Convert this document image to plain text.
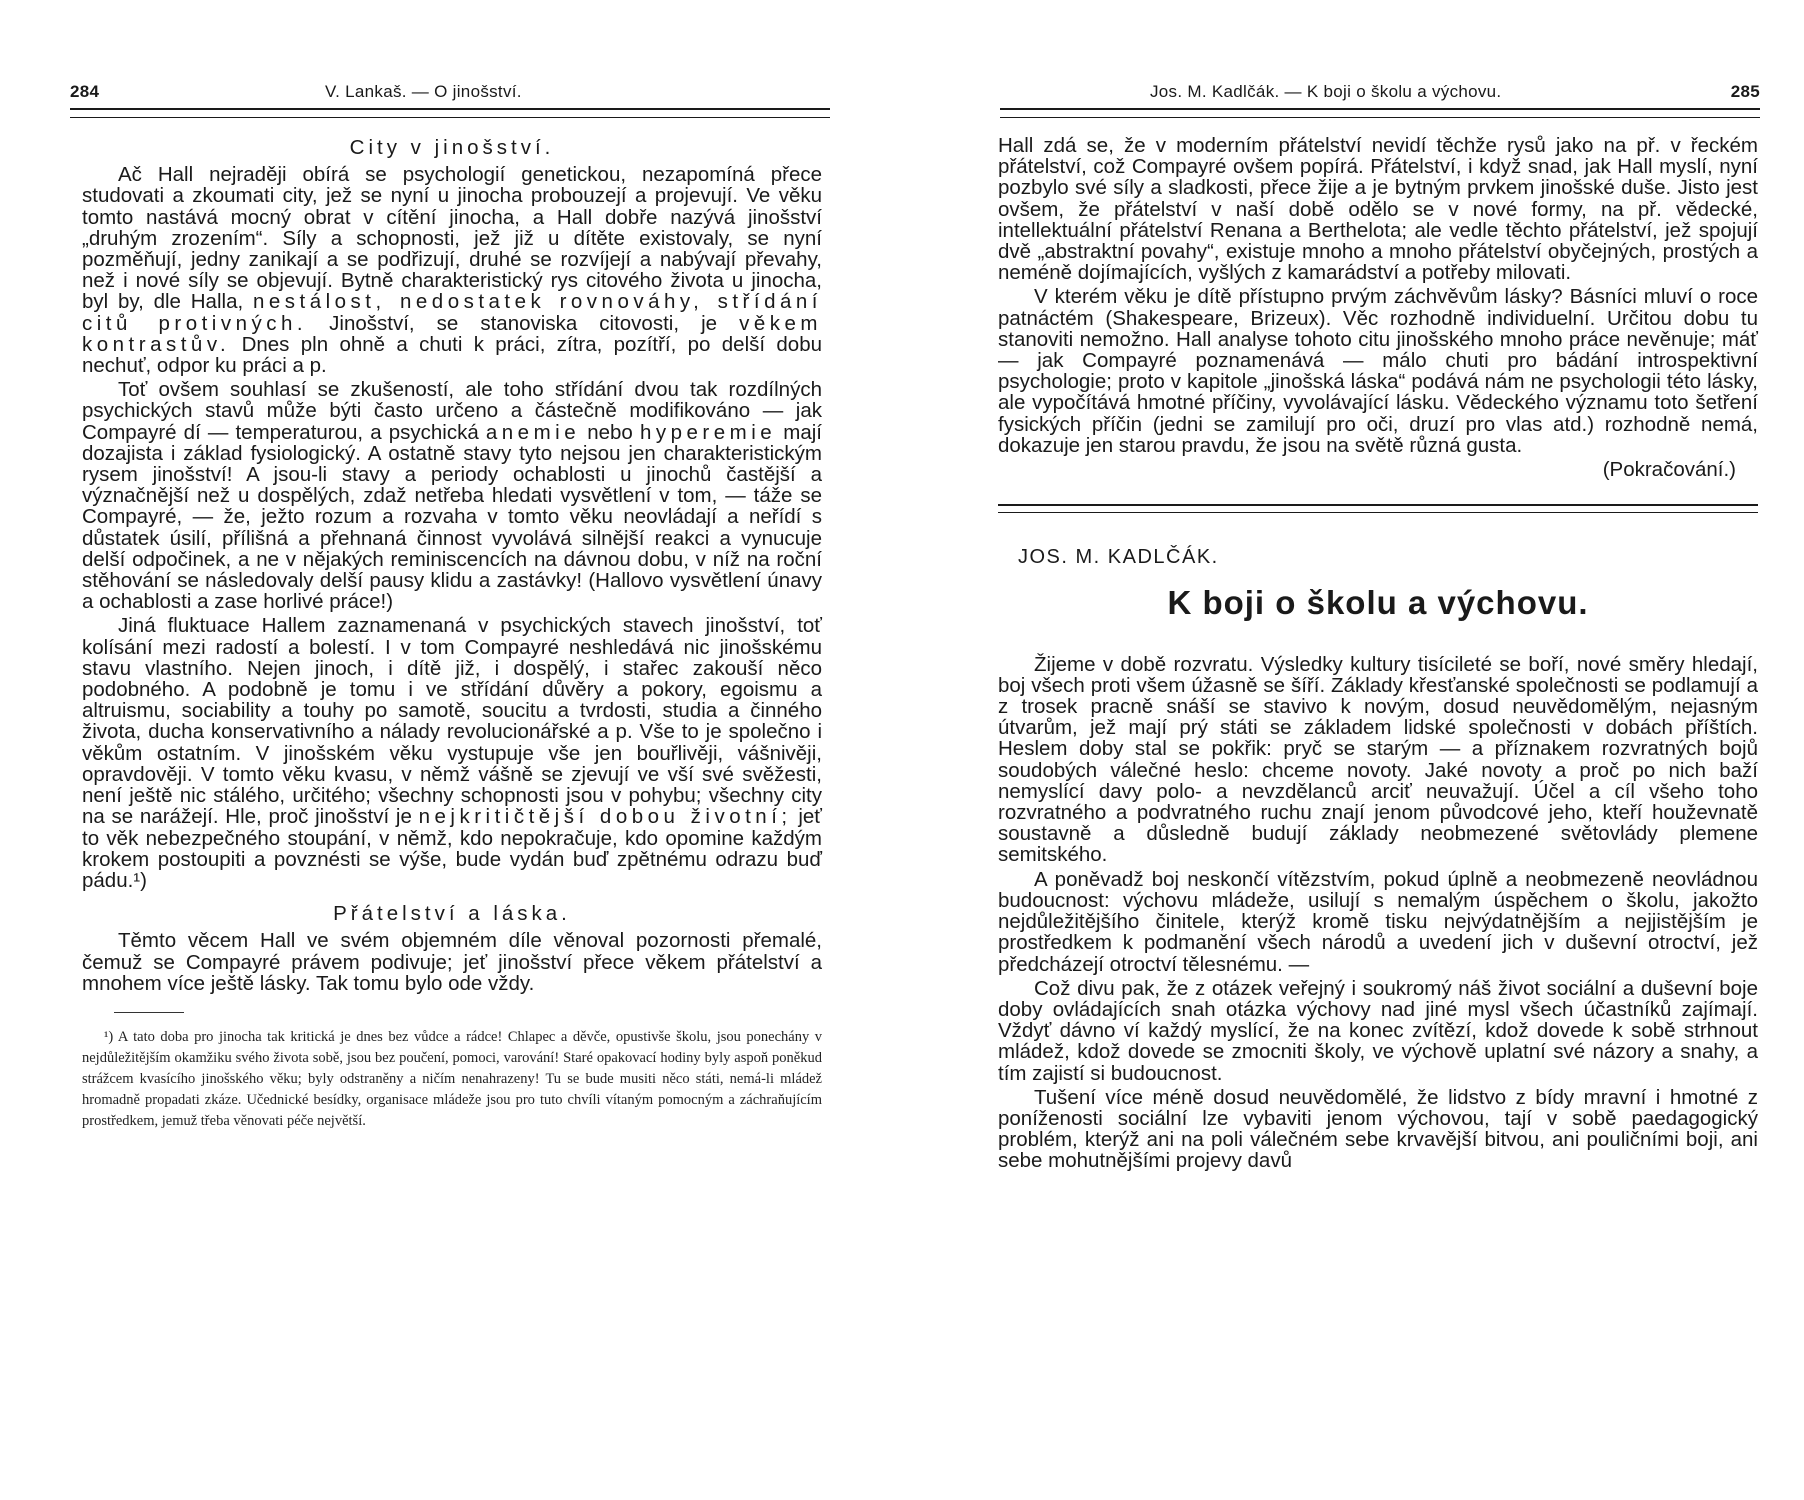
284	V. Lankaš. — O jinošství.
City v jinošství.

Ač Hall nejraději obírá se psychologií genetickou, nezapomíná přece studovati a zkoumati city, jež se nyní u jinocha probouzejí a projevují. Ve věku tomto nastává mocný obrat v cítění jinocha, a Hall dobře nazývá jinošství „druhým zrozením“. Síly a schopnosti, jež již u dítěte existovaly, se nyní pozměňují, jedny zanikají a se podřizují, druhé se rozvíjejí a nabývají převahy, než i nové síly se objevují. Bytně charakteristický rys citového života u jinocha, byl by, dle Halla, nestálost, nedostatek rovnováhy, střídání citů protivných. Jinošství, se stanoviska citovosti, je věkem kontrastův. Dnes pln ohně a chuti k práci, zítra, pozítří, po delší dobu nechuť, odpor ku práci a p.

Toť ovšem souhlasí se zkušeností, ale toho střídání dvou tak rozdílných psychických stavů může býti často určeno a částečně modifikováno — jak Compayré dí — temperaturou, a psychická anemie nebo hyperemie mají dozajista i základ fysiologický. A ostatně stavy tyto nejsou jen charakteristickým rysem jinošství! A jsou-li stavy a periody ochablosti u jinochů častější a význačnější než u dospělých, zdaž netřeba hledati vysvětlení v tom, — táže se Compayré, — že, ježto rozum a rozvaha v tomto věku neovládají a neřídí s důstatek úsilí, přílišná a přehnaná činnost vyvolává silnější reakci a vynucuje delší odpočinek, a ne v nějakých reminiscencích na dávnou dobu, v níž na roční stěhování se následovaly delší pausy klidu a zastávky! (Hallovo vysvětlení únavy a ochablosti a zase horlivé práce!)

Jiná fluktuace Hallem zaznamenaná v psychických stavech jinošství, toť kolísání mezi radostí a bolestí. I v tom Compayré neshledává nic jinošskému stavu vlastního. Nejen jinoch, i dítě již, i dospělý, i stařec zakouší něco podobného. A podobně je tomu i ve střídání důvěry a pokory, egoismu a altruismu, sociability a touhy po samotě, soucitu a tvrdosti, studia a činného života, ducha konservativního a nálady revolucionářské a p. Vše to je společno i věkům ostatním. V jinošském věku vystupuje vše jen bouřlivěji, vášnivěji, opravdověji. V tomto věku kvasu, v němž vášně se zjevují ve vší své svěžesti, není ještě nic stálého, určitého; všechny schopnosti jsou v pohybu; všechny city na se narážejí. Hle, proč jinošství je nejkritičtější dobou životní; jeť to věk nebezpečného stoupání, v němž, kdo nepokračuje, kdo opomine každým krokem postoupiti a povznésti se výše, bude vydán buď zpětnému odrazu buď pádu.¹)

Přátelství a láska.

Těmto věcem Hall ve svém objemném díle věnoval pozornosti přemalé, čemuž se Compayré právem podivuje; jeť jinošství přece věkem přátelství a mnohem více ještě lásky. Tak tomu bylo ode vždy.

¹) A tato doba pro jinocha tak kritická je dnes bez vůdce a rádce! Chlapec a děvče, opustivše školu, jsou ponechány v nejdůležitějším okamžiku svého života sobě, jsou bez poučení, pomoci, varování! Staré opakovací hodiny byly aspoň poněkud strážcem kvasícího jinošského věku; byly odstraněny a ničím nenahrazeny! Tu se bude musiti něco státi, nemá-li mládež hromadně propadati zkáze. Učednické besídky, organisace mládeže jsou pro tuto chvíli vítaným pomocným a záchraňujícím prostředkem, jemuž třeba věnovati péče největší.

Jos. M. Kadlčák. — K boji o školu a výchovu.	285

Hall zdá se, že v moderním přátelství nevidí těchže rysů jako na př. v řeckém přátelství, což Compayré ovšem popírá. Přátelství, i když snad, jak Hall myslí, nyní pozbylo své síly a sladkosti, přece žije a je bytným prvkem jinošské duše. Jisto jest ovšem, že přátelství v naší době odělo se v nové formy, na př. vědecké, intellektuální přátelství Renana a Berthelota; ale vedle těchto přátelství, jež spojují dvě „abstraktní povahy“, existuje mnoho a mnoho přátelství obyčejných, prostých a neméně dojímajících, vyšlých z kamarádství a potřeby milovati.

V kterém věku je dítě přístupno prvým záchvěvům lásky? Básníci mluví o roce patnáctém (Shakespeare, Brizeux). Věc rozhodně individuelní. Určitou dobu tu stanoviti nemožno. Hall analyse tohoto citu jinošského mnoho práce nevěnuje; máť — jak Compayré poznamenává — málo chuti pro bádání introspektivní psychologie; proto v kapitole „jinošská láska“ podává nám ne psychologii této lásky, ale vypočítává hmotné příčiny, vyvolávající lásku. Vědeckého významu toto šetření fysických příčin (jedni se zamilují pro oči, druzí pro vlas atd.) rozhodně nemá, dokazuje jen starou pravdu, že jsou na světě různá gusta.

(Pokračování.)

JOS. M. KADLČÁK.
K boji o školu a výchovu.

Žijeme v době rozvratu. Výsledky kultury tisícileté se boří, nové směry hledají, boj všech proti všem úžasně se šíří. Základy křesťanské společnosti se podlamují a z trosek pracně snáší se stavivo k novým, dosud neuvědomělým, nejasným útvarům, jež mají prý státi se základem lidské společnosti v dobách příštích. Heslem doby stal se pokřik: pryč se starým — a příznakem rozvratných bojů soudobých válečné heslo: chceme novoty. Jaké novoty a proč po nich baží nemyslící davy polo- a nevzdělanců arciť neuvažují. Účel a cíl všeho toho rozvratného a podvratného ruchu znají jenom původcové jeho, kteří houževnatě soustavně a důsledně budují základy neobmezené světovlády plemene semitského.

A poněvadž boj neskončí vítězstvím, pokud úplně a neobmezeně neovládnou budoucnost: výchovu mládeže, usilují s nemalým úspěchem o školu, jakožto nejdůležitějšího činitele, kterýž kromě tisku nejvýdatnějším a nejjistějším je prostředkem k podmanění všech národů a uvedení jich v duševní otroctví, jež předcházejí otroctví tělesnému. —

Což divu pak, že z otázek veřejný i soukromý náš život sociální a duševní boje doby ovládajících snah otázka výchovy nad jiné mysl všech účastníků zajímají. Vždyť dávno ví každý myslící, že na konec zvítězí, kdož dovede k sobě strhnout mládež, kdož dovede se zmocniti školy, ve výchově uplatní své názory a snahy, a tím zajistí si budoucnost.

Tušení více méně dosud neuvědomělé, že lidstvo z bídy mravní i hmotné z poníženosti sociální lze vybaviti jenom výchovou, tají v sobě paedagogický problém, kterýž ani na poli válečném sebe krvavější bitvou, ani pouličními boji, ani sebe mohutnějšími projevy davů
